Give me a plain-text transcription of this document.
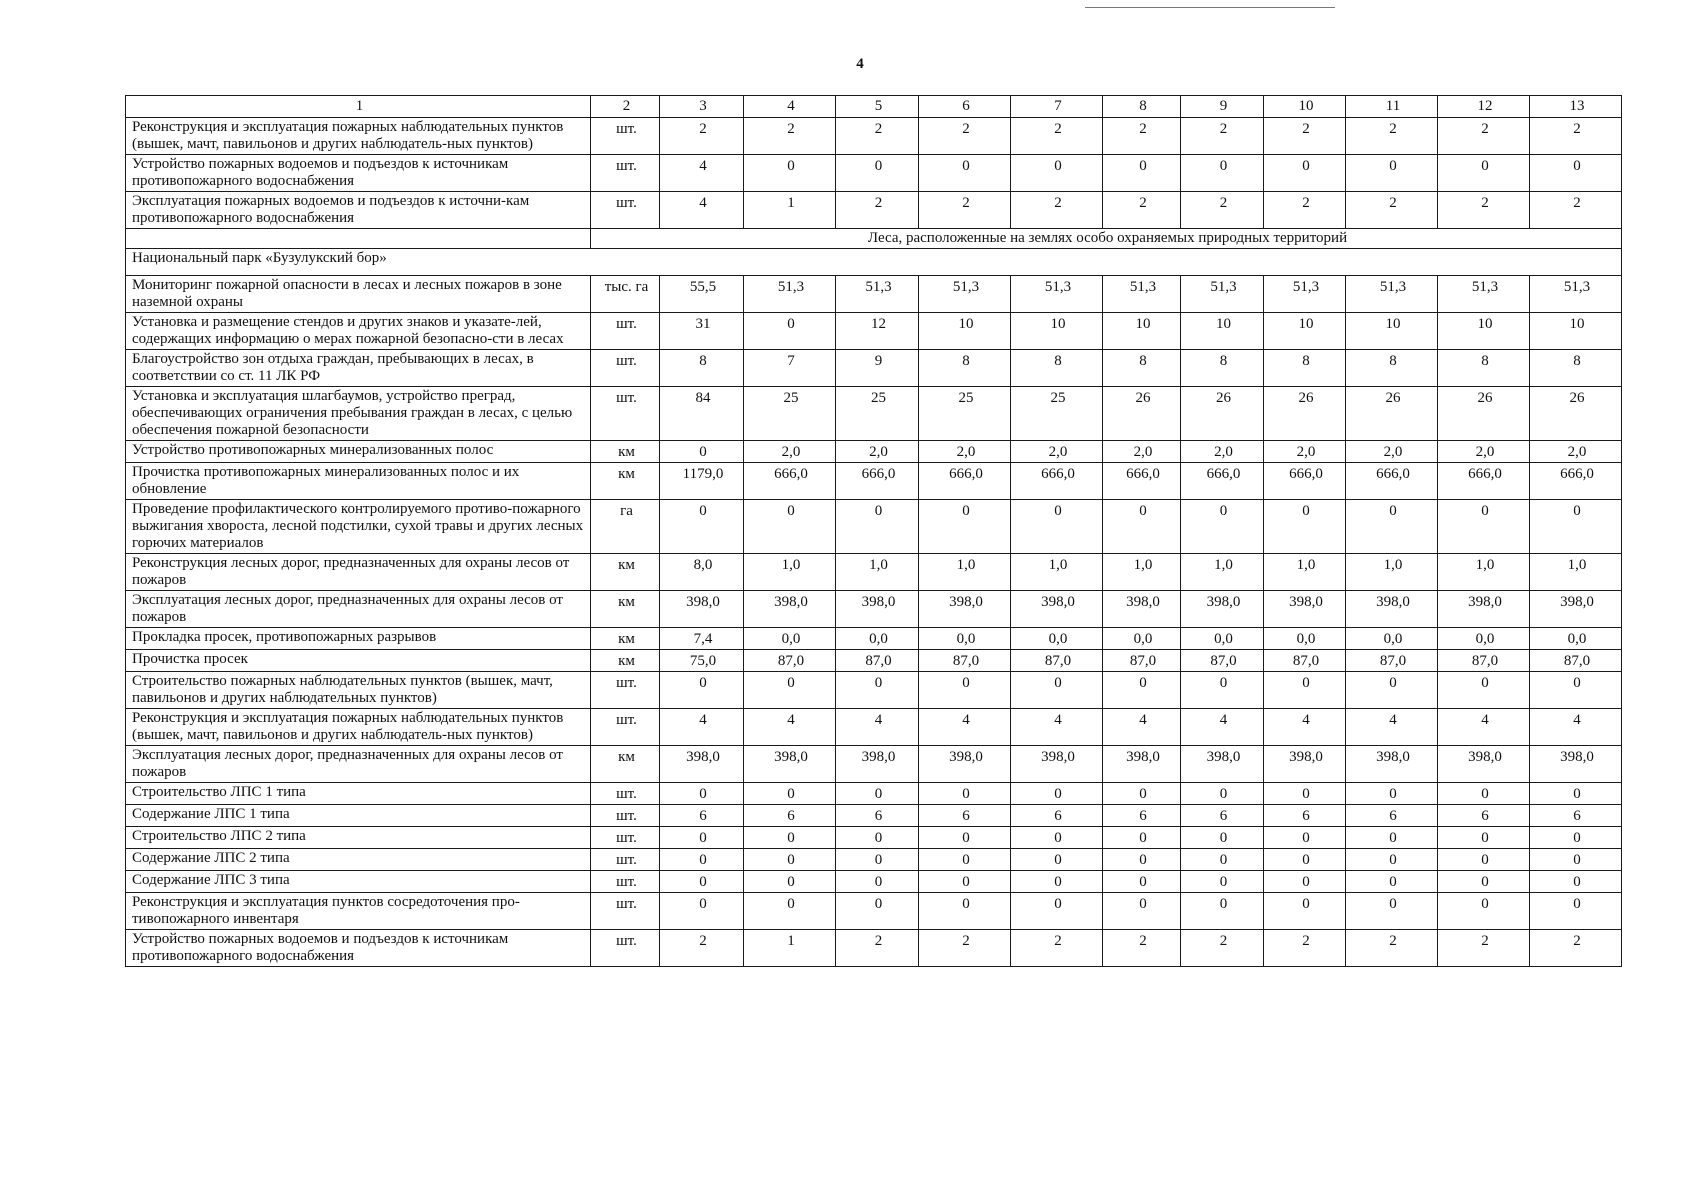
4
1	2	3	4	5	6	7	8	9	10	11	12	13
Реконструкция и эксплуатация пожарных наблюдательных пунктов (вышек, мачт, павильонов и других наблюдатель-ных пунктов)	шт.	2	2	2	2	2	2	2	2	2	2	2
Устройство пожарных водоемов и подъездов к источникам противопожарного водоснабжения	шт.	4	0	0	0	0	0	0	0	0	0	0
Эксплуатация пожарных водоемов и подъездов к источни-кам противопожарного водоснабжения	шт.	4	1	2	2	2	2	2	2	2	2	2
	Леса, расположенные на землях особо охраняемых природных территорий											
Национальный парк «Бузулукский бор»												
Мониторинг пожарной опасности в лесах и лесных пожаров в зоне наземной охраны	тыс. га	55,5	51,3	51,3	51,3	51,3	51,3	51,3	51,3	51,3	51,3	51,3
Установка и размещение стендов и других знаков и указате-лей, содержащих информацию о мерах пожарной безопасно-сти в лесах	шт.	31	0	12	10	10	10	10	10	10	10	10
Благоустройство зон отдыха граждан, пребывающих в лесах, в соответствии со ст. 11 ЛК РФ	шт.	8	7	9	8	8	8	8	8	8	8	8
Установка и эксплуатация шлагбаумов, устройство преград, обеспечивающих ограничения пребывания граждан в лесах, с целью обеспечения пожарной безопасности	шт.	84	25	25	25	25	26	26	26	26	26	26
Устройство противопожарных минерализованных полос	км	0	2,0	2,0	2,0	2,0	2,0	2,0	2,0	2,0	2,0	2,0
Прочистка противопожарных минерализованных полос и их обновление	км	1179,0	666,0	666,0	666,0	666,0	666,0	666,0	666,0	666,0	666,0	666,0
Проведение профилактического контролируемого противо-пожарного выжигания хвороста, лесной подстилки, сухой травы и других лесных горючих материалов	га	0	0	0	0	0	0	0	0	0	0	0
Реконструкция лесных дорог, предназначенных для охраны лесов от пожаров	км	8,0	1,0	1,0	1,0	1,0	1,0	1,0	1,0	1,0	1,0	1,0
Эксплуатация лесных дорог, предназначенных для охраны лесов от пожаров	км	398,0	398,0	398,0	398,0	398,0	398,0	398,0	398,0	398,0	398,0	398,0
Прокладка просек, противопожарных разрывов	км	7,4	0,0	0,0	0,0	0,0	0,0	0,0	0,0	0,0	0,0	0,0
Прочистка просек	км	75,0	87,0	87,0	87,0	87,0	87,0	87,0	87,0	87,0	87,0	87,0
Строительство пожарных наблюдательных пунктов (вышек, мачт, павильонов и других наблюдательных пунктов)	шт.	0	0	0	0	0	0	0	0	0	0	0
Реконструкция и эксплуатация пожарных наблюдательных пунктов (вышек, мачт, павильонов и других наблюдатель-ных пунктов)	шт.	4	4	4	4	4	4	4	4	4	4	4
Эксплуатация лесных дорог, предназначенных для охраны лесов от пожаров	км	398,0	398,0	398,0	398,0	398,0	398,0	398,0	398,0	398,0	398,0	398,0
Строительство ЛПС 1 типа	шт.	0	0	0	0	0	0	0	0	0	0	0
Содержание ЛПС 1 типа	шт.	6	6	6	6	6	6	6	6	6	6	6
Строительство ЛПС 2 типа	шт.	0	0	0	0	0	0	0	0	0	0	0
Содержание ЛПС 2 типа	шт.	0	0	0	0	0	0	0	0	0	0	0
Содержание ЛПС 3 типа	шт.	0	0	0	0	0	0	0	0	0	0	0
Реконструкция и эксплуатация пунктов сосредоточения про-тивопожарного инвентаря	шт.	0	0	0	0	0	0	0	0	0	0	0
Устройство пожарных водоемов и подъездов к источникам противопожарного водоснабжения	шт.	2	1	2	2	2	2	2	2	2	2	2
